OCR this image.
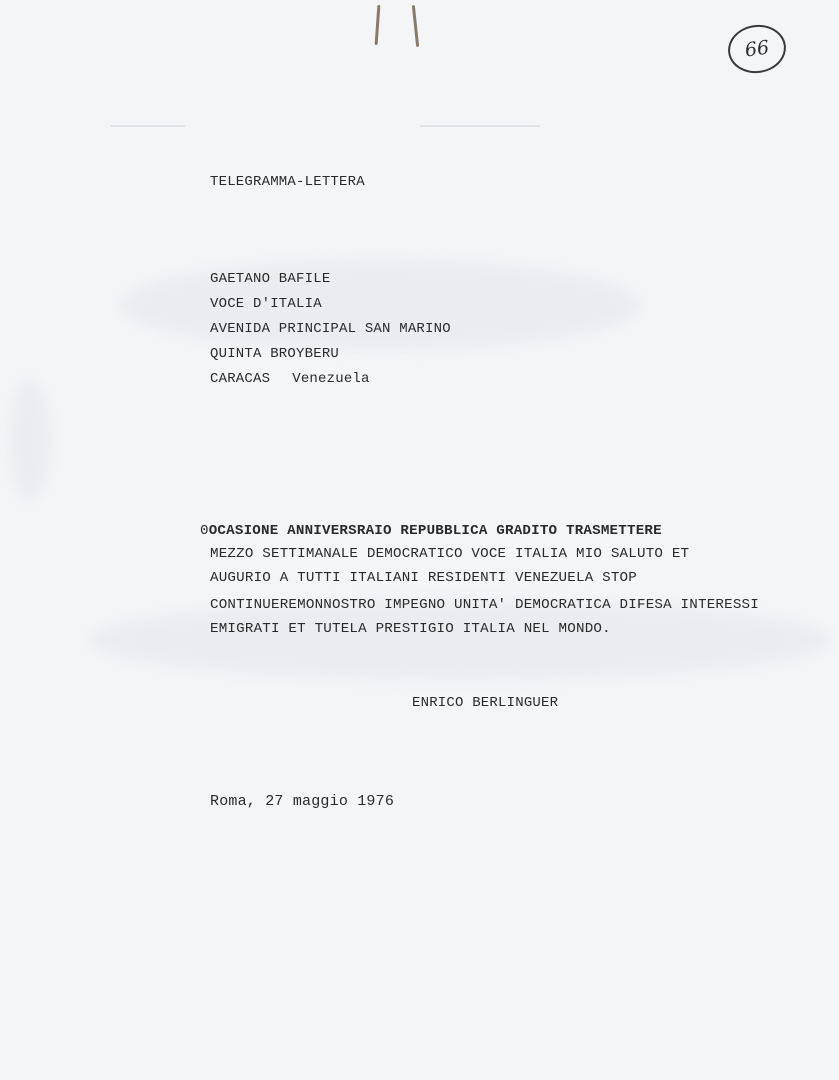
66
TELEGRAMMA-LETTERA
GAETANO BAFILE
VOCE D'ITALIA
AVENIDA PRINCIPAL SAN MARINO
QUINTA BROYBERU
CARACAS Venezuela
0OCASIONE ANNIVERSRAIO REPUBBLICA GRADITO TRASMETTERE
MEZZO SETTIMANALE DEMOCRATICO VOCE ITALIA MIO SALUTO ET
AUGURIO A TUTTI ITALIANI RESIDENTI VENEZUELA STOP
CONTINUEREMONNOSTRO IMPEGNO UNITA' DEMOCRATICA DIFESA INTERESSI
EMIGRATI ET TUTELA PRESTIGIO ITALIA NEL MONDO.
ENRICO BERLINGUER
Roma, 27 maggio 1976
